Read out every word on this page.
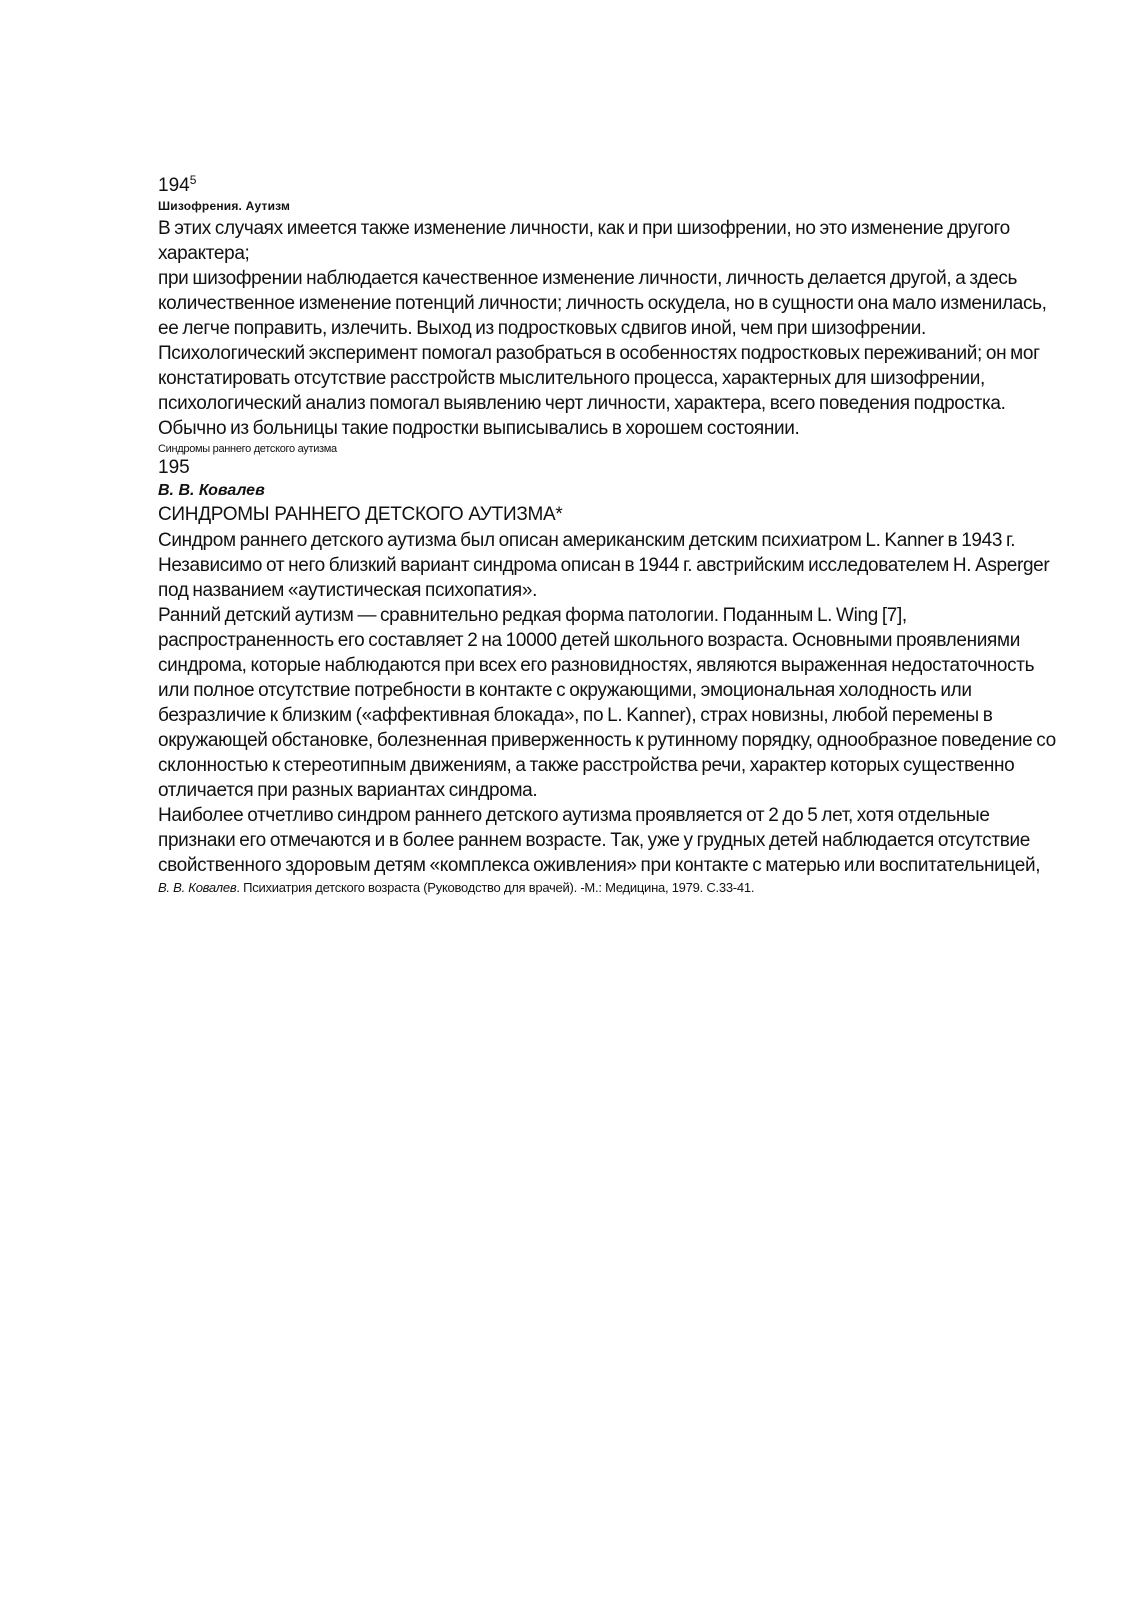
$194^5$
Шизофрения. Аутизм

В этих случаях имеется также изменение личности, как и при шизофрении, но это изменение другого характера;

при шизофрении наблюдается качественное изменение личности, личность делается другой, а здесь количественное изменение потенций личности; личность оскудела, но в сущности она мало изменилась, ее легче поправить, излечить. Выход из подростковых сдвигов иной, чем при шизофрении. Психологический эксперимент помогал разобраться в особенностях подростковых переживаний; он мог констатировать отсутствие расстройств мыслительного процесса, характерных для шизофрении, психологический анализ помогал выявлению черт личности, характера, всего поведения подростка. Обычно из больницы такие подростки выписывались в хорошем состоянии.

Синдромы раннего детского аутизма
195
В. В. Ковалев
СИНДРОМЫ РАННЕГО ДЕТСКОГО АУТИЗМА*

Синдром раннего детского аутизма был описан американским детским психиатром L. Kanner в 1943 г. Независимо от него близкий вариант синдрома описан в 1944 г. австрийским исследователем Н. Asperger под названием «аутистическая психопатия».

Ранний детский аутизм — сравнительно редкая форма патологии. Поданным L. Wing [7], распространенность его составляет 2 на 10000 детей школьного возраста. Основными проявлениями синдрома, которые наблюдаются при всех его разновидностях, являются выраженная недостаточность или полное отсутствие потребности в контакте с окружающими, эмоциональная холодность или безразличие к близким («аффективная блокада», по L. Kanner), страх новизны, любой перемены в окружающей обстановке, болезненная приверженность к рутинному порядку, однообразное поведение со склонностью к стереотипным движениям, а также расстройства речи, характер которых существенно отличается при разных вариантах синдрома.

Наиболее отчетливо синдром раннего детского аутизма проявляется от 2 до 5 лет, хотя отдельные признаки его отмечаются и в более раннем возрасте. Так, уже у грудных детей наблюдается отсутствие свойственного здоровым детям «комплекса оживления» при контакте с матерью или воспитательницей,

В. В. Ковалев. Психиатрия детского возраста (Руководство для врачей). -М.: Медицина, 1979. С.33-41.
